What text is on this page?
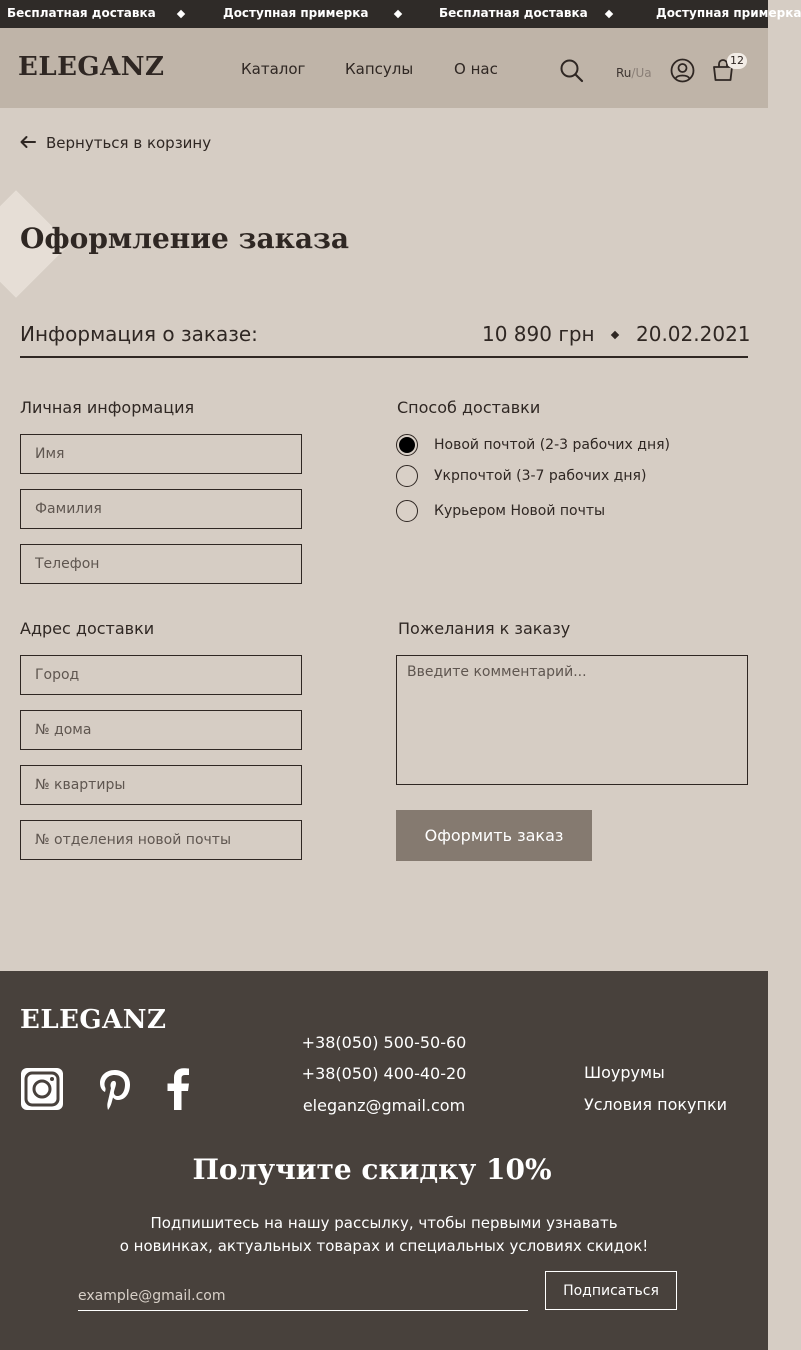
Бесплатная доставка	Доступная примерка	Бесплатная доставка	Доступная примерка
ELEGANZ	Каталог	Капсулы	О нас	Ru/Ua
12
Вернуться в корзину
Оформление заказа
Информация о заказе:	10 890 грн 20.02.2021
Личная информация
Имя
Фамилия
Телефон	Способ доставки
Новой почтой (2-3 рабочих дня)
Укрпочтой (3-7 рабочих дня)
Курьером Новой почты
Адрес доставки
Город
№ дома
№ квартиры
№ отделения новой почты	Пожелания к заказу
Введите комментарий...
Оформить заказ
ELEGANZ
+38(050) 500-50-60
+38(050) 400-40-20
eleganz@gmail.com
Шоурумы
Условия покупки
Получите скидку 10%
Подпишитесь на нашу рассылку, чтобы первыми узнавать
о новинках, актуальных товарах и специальных условиях скидок!
example@gmail.com
Подписаться
